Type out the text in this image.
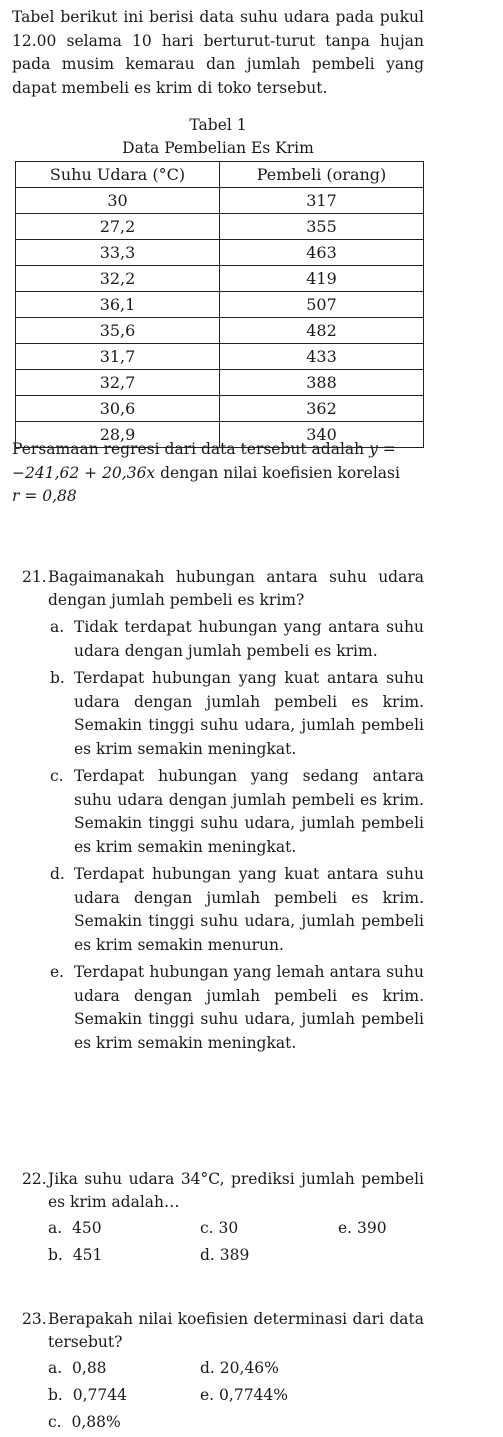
Tabel berikut ini berisi data suhu udara pada pukul 12.00 selama 10 hari berturut-turut tanpa hujan pada musim kemarau dan jumlah pembeli yang dapat membeli es krim di toko tersebut.
Tabel 1
Data Pembelian Es Krim
Suhu Udara (°C)	Pembeli (orang)
30	317
27,2	355
33,3	463
32,2	419
36,1	507
35,6	482
31,7	433
32,7	388
30,6	362
28,9	340
Persamaan regresi dari data tersebut adalah y =
−241,62 + 20,36x dengan nilai koefisien korelasi
r = 0,88
21. Bagaimanakah hubungan antara suhu udara dengan jumlah pembeli es krim?
a. Tidak terdapat hubungan yang antara suhu udara dengan jumlah pembeli es krim.
b. Terdapat hubungan yang kuat antara suhu udara dengan jumlah pembeli es krim. Semakin tinggi suhu udara, jumlah pembeli es krim semakin meningkat.
c. Terdapat hubungan yang sedang antara suhu udara dengan jumlah pembeli es krim. Semakin tinggi suhu udara, jumlah pembeli es krim semakin meningkat.
d. Terdapat hubungan yang kuat antara suhu udara dengan jumlah pembeli es krim. Semakin tinggi suhu udara, jumlah pembeli es krim semakin menurun.
e. Terdapat hubungan yang lemah antara suhu udara dengan jumlah pembeli es krim. Semakin tinggi suhu udara, jumlah pembeli es krim semakin meningkat.
22. Jika suhu udara 34°C, prediksi jumlah pembeli es krim adalah…
a. 450	c. 30	e. 390
b. 451	d. 389
23. Berapakah nilai koefisien determinasi dari data tersebut?
a. 0,88	d. 20,46%
b. 0,7744	e. 0,7744%
c. 0,88%
